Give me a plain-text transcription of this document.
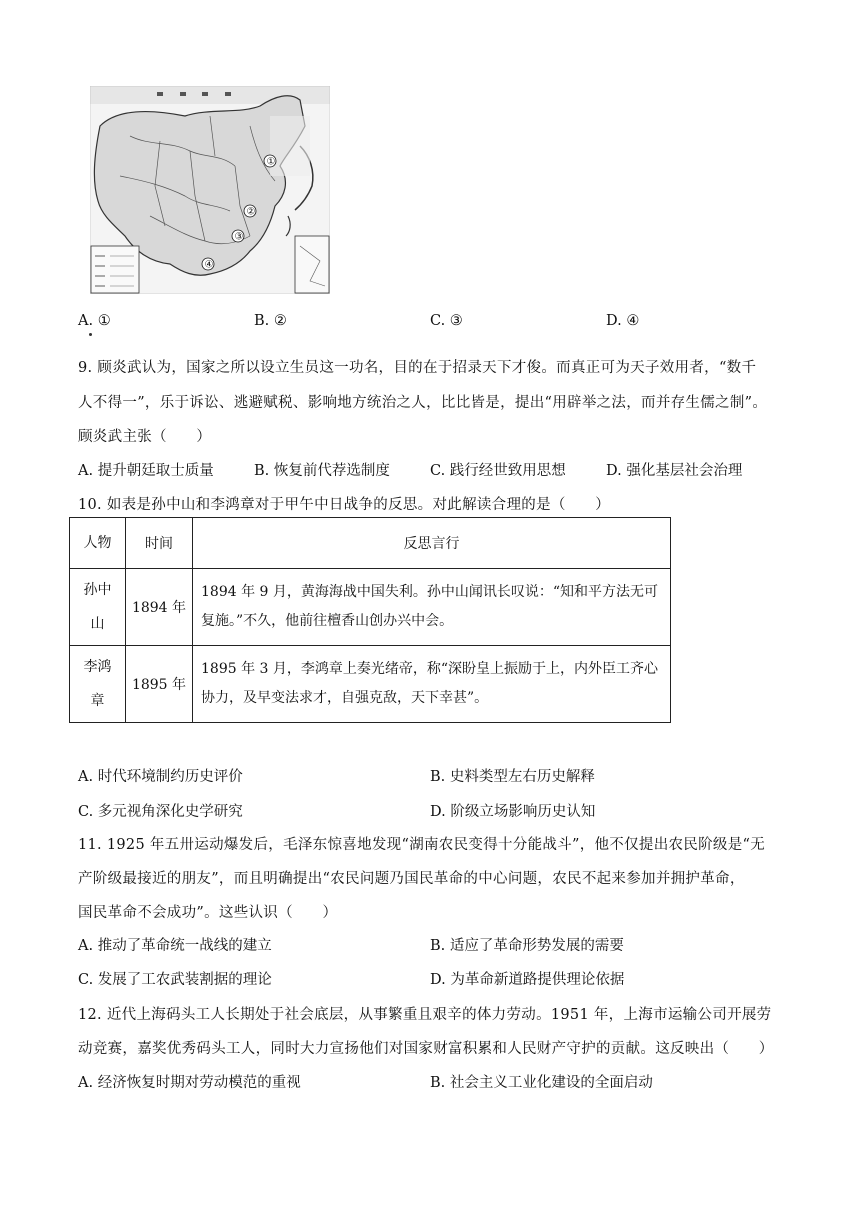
①
②
③
④
A. ①	B. ②	C. ③	D. ④
9. 顾炎武认为，国家之所以设立生员这一功名，目的在于招录天下才俊。而真正可为天子效用者，“数千
人不得一”，乐于诉讼、逃避赋税、影响地方统治之人，比比皆是，提出“用辟举之法，而并存生儒之制”。
顾炎武主张（　　）
A. 提升朝廷取士质量	B. 恢复前代荐选制度	C. 践行经世致用思想	D. 强化基层社会治理
10. 如表是孙中山和李鸿章对于甲午中日战争的反思。对此解读合理的是（　　）
人物	时间	反思言行

孙中山	1894 年	1894 年 9 月，黄海海战中国失利。孙中山闻讯长叹说：“知和平方法无可复施。”不久，他前往檀香山创办兴中会。

李鸿章	1895 年	1895 年 3 月，李鸿章上奏光绪帝，称“深盼皇上振励于上，内外臣工齐心协力，及早变法求才，自强克敌，天下幸甚”。
A. 时代环境制约历史评价	B. 史料类型左右历史解释
C. 多元视角深化史学研究	D. 阶级立场影响历史认知
11. 1925 年五卅运动爆发后，毛泽东惊喜地发现“湖南农民变得十分能战斗”，他不仅提出农民阶级是“无
产阶级最接近的朋友”，而且明确提出“农民问题乃国民革命的中心问题，农民不起来参加并拥护革命，
国民革命不会成功”。这些认识（　　）
A. 推动了革命统一战线的建立	B. 适应了革命形势发展的需要
C. 发展了工农武装割据的理论	D. 为革命新道路提供理论依据
12. 近代上海码头工人长期处于社会底层，从事繁重且艰辛的体力劳动。1951 年，上海市运输公司开展劳
动竞赛，嘉奖优秀码头工人，同时大力宣扬他们对国家财富积累和人民财产守护的贡献。这反映出（　　）
A. 经济恢复时期对劳动模范的重视	B. 社会主义工业化建设的全面启动
